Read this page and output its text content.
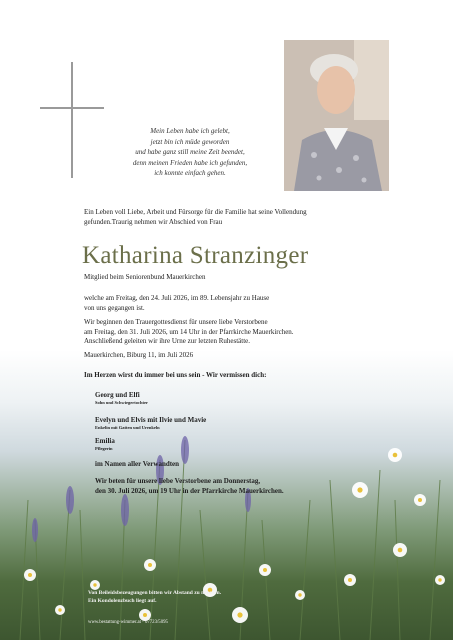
Mein Leben habe ich gelebt,
jetzt bin ich müde geworden
und habe ganz still meine Zeit beendet,
denn meinen Frieden habe ich gefunden,
ich konnte einfach gehen.
Ein Leben voll Liebe, Arbeit und Fürsorge für die Familie hat seine Vollendung
gefunden.Traurig nehmen wir Abschied von Frau
Katharina Stranzinger
Mitglied beim Seniorenbund Mauerkirchen
welche am Freitag, den 24. Juli 2026, im 89. Lebensjahr zu Hause
von uns gegangen ist.
Wir beginnen den Trauergottesdienst für unsere liebe Verstorbene
am Freitag, den 31. Juli 2026, um 14 Uhr in der Pfarrkirche Mauerkirchen.
Anschließend geleiten wir ihre Urne zur letzten Ruhestätte.
Mauerkirchen, Biburg 11, im Juli 2026
Im Herzen wirst du immer bei uns sein - Wir vermissen dich:
Georg und Elfi
Sohn und Schwiegertochter
Evelyn und Elvis mit Ilvie und Mavie
Enkelin mit Gatten und Urenkeln
Emilia
Pflegerin
im Namen aller Verwandten
Wir beten für unsere liebe Verstorbene am Donnerstag,
den 30. Juli 2026, um 19 Uhr in der Pfarrkirche Mauerkirchen.
Von Beileidsbezeugungen bitten wir Abstand zu nehmen.
Ein Kondolenzbuch liegt auf.
www.bestattung-wimmer.at · 07723/5095
